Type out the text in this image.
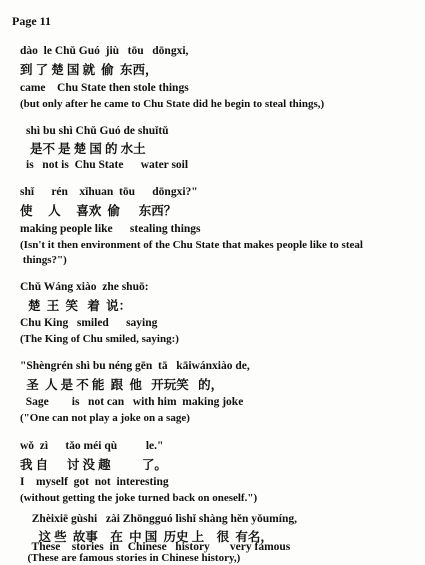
Page 11
dào  le Chǔ Guó  jiù   tōu   dōngxi,
到 了 楚 国 就  偷  东西，
came    Chu State then stole things
(but only after he came to Chu State did he begin to steal things,)
shì bu shì Chǔ Guó de shuǐtǔ
是不 是 楚 国 的 水土
is   not is  Chu State      water soil
shǐ      rén    xǐhuan  tōu      dōngxi?"
使     人     喜欢  偷      东西？
making people like      stealing things
(Isn't it then environment of the Chu State that makes people like to steal
things?")
Chǔ Wáng xiào  zhe shuō:
楚  王  笑   着  说：
Chu King   smiled      saying
(The King of Chu smiled, saying:)
"Shèngrén shì bu néng gēn  tā   kāiwánxiào de,
圣  人 是 不 能  跟  他   开玩笑   的，
Sage        is   not can   with him  making joke
("One can not play a joke on a sage)
wǒ  zì      tǎo méi qù          le."
我 自      讨 没 趣          了。
I    myself  got  not  interesting
(without getting the joke turned back on oneself.")
Zhèixiē gùshi   zài Zhōngguó lìshǐ shàng hěn yǒumíng,
这 些  故事    在  中 国  历史 上    很  有名，
These    stories  in   Chinese   history       very famous
(These are famous stories in Chinese history,)
